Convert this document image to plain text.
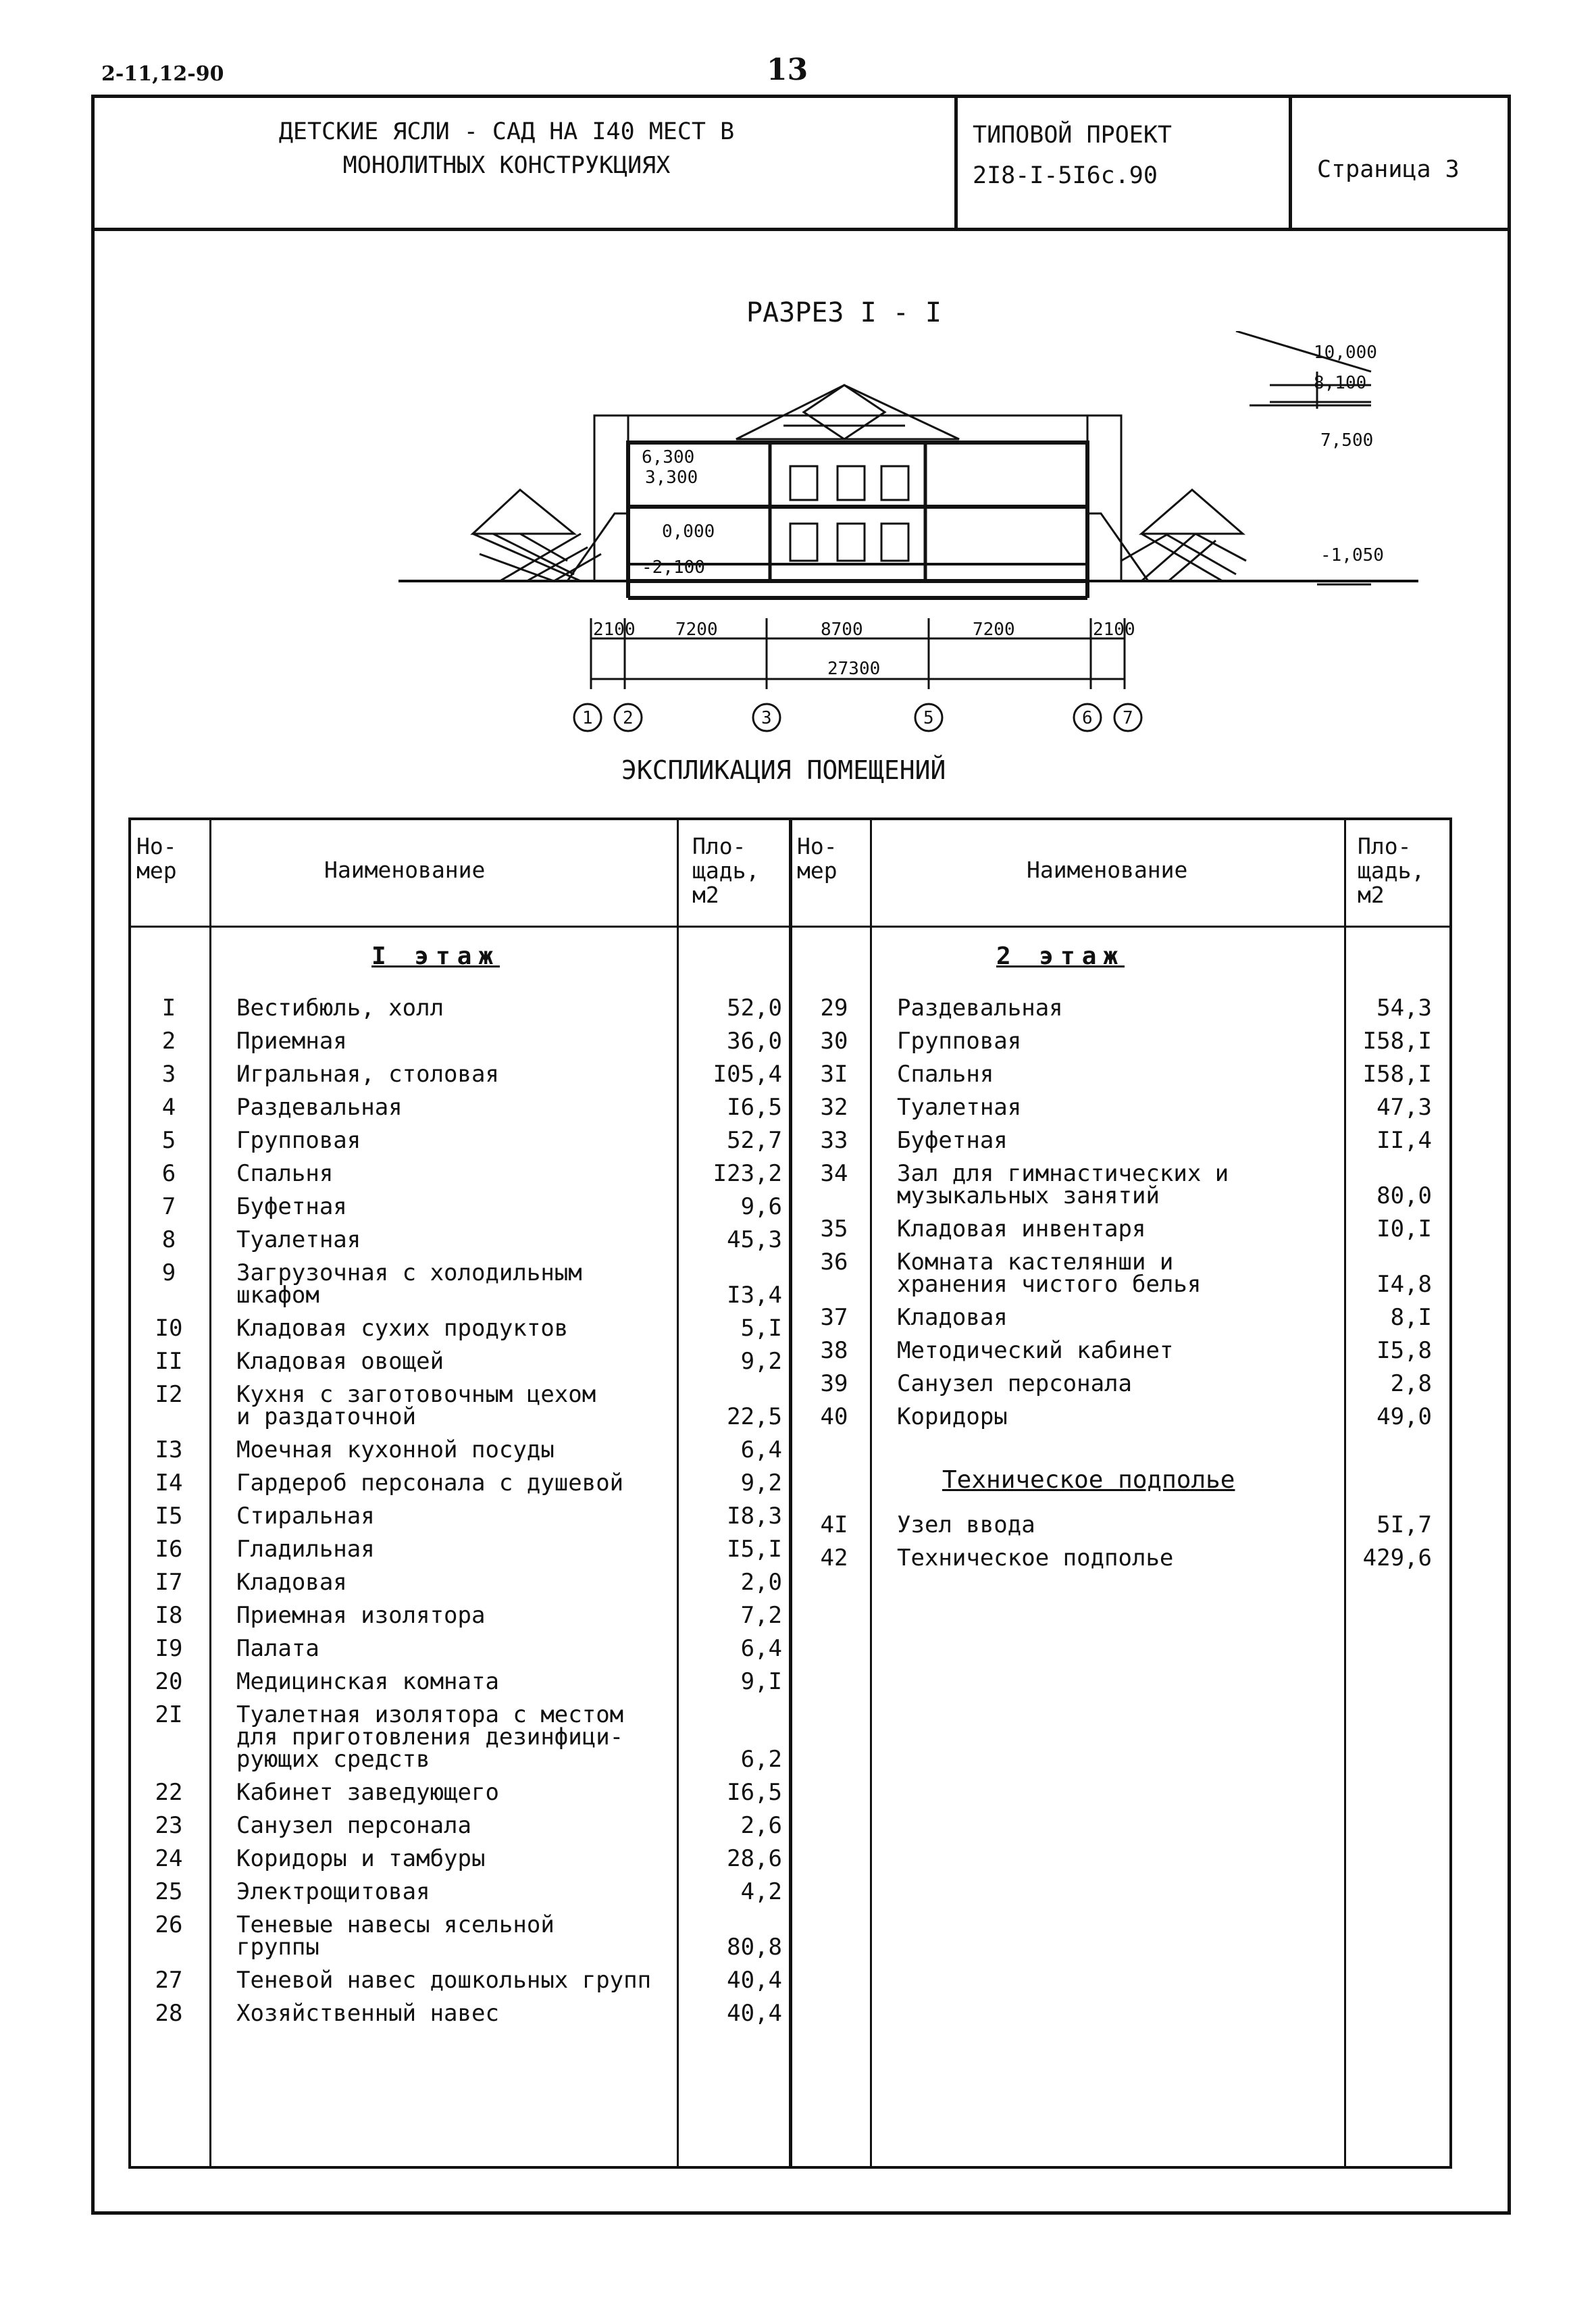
2-11,12-90	13
ДЕТСКИЕ ЯСЛИ - САД НА І40 МЕСТ В
МОНОЛИТНЫХ КОНСТРУКЦИЯХ
ТИПОВОЙ ПРОЕКТ
2І8-І-5І6с.90	Страница 3
РАЗРЕЗ І - І
10,000
8,100
7,500
6,300
3,300
0,000
-2,100
-1,050
2100 7200	8700	7200	2100
27300
1 2	3	5	6 7
ЭКСПЛИКАЦИЯ ПОМЕЩЕНИЙ
Но-
мер	Наименование
Пло-
щадь,
м2
Но-
мер	Наименование
Пло-
щадь,
м2
І этаж	2 этаж
І	Вестибюль, холл	52,0
2	Приемная	36,0
3	Игральная, столовая	І05,4
4	Раздевальная	І6,5
5	Групповая	52,7
6	Спальня	І23,2
7	Буфетная	9,6
8	Туалетная	45,3
9	Загрузочная с холодильным
шкафом	І3,4
І0	Кладовая сухих продуктов	5,І
ІІ	Кладовая овощей	9,2
І2	Кухня с заготовочным цехом
и раздаточной	22,5
І3	Моечная кухонной посуды	6,4
І4	Гардероб персонала с душевой	9,2
І5	Стиральная	І8,3
І6	Гладильная	І5,І
І7	Кладовая	2,0
І8	Приемная изолятора	7,2
І9	Палата	6,4
20	Медицинская комната	9,І
2І	Туалетная изолятора с местом
для приготовления дезинфици-
рующих средств	6,2
22	Кабинет заведующего	І6,5
23	Санузел персонала	2,6
24	Коридоры и тамбуры	28,6
25	Электрощитовая	4,2
26	Теневые навесы ясельной
группы	80,8
27	Теневой навес дошкольных групп	40,4
28	Хозяйственный навес	40,4
29	Раздевальная	54,3
30	Групповая	І58,І
3І	Спальня	І58,І
32	Туалетная	47,3
33	Буфетная	ІІ,4
34	Зал для гимнастических и
музыкальных занятий	80,0
35	Кладовая инвентаря	І0,І
36	Комната кастелянши и
хранения чистого белья	І4,8
37	Кладовая	8,І
38	Методический кабинет	І5,8
39	Санузел персонала	2,8
40	Коридоры	49,0
Техническое подполье
4І	Узел ввода	5І,7
42	Техническое подполье	429,6
